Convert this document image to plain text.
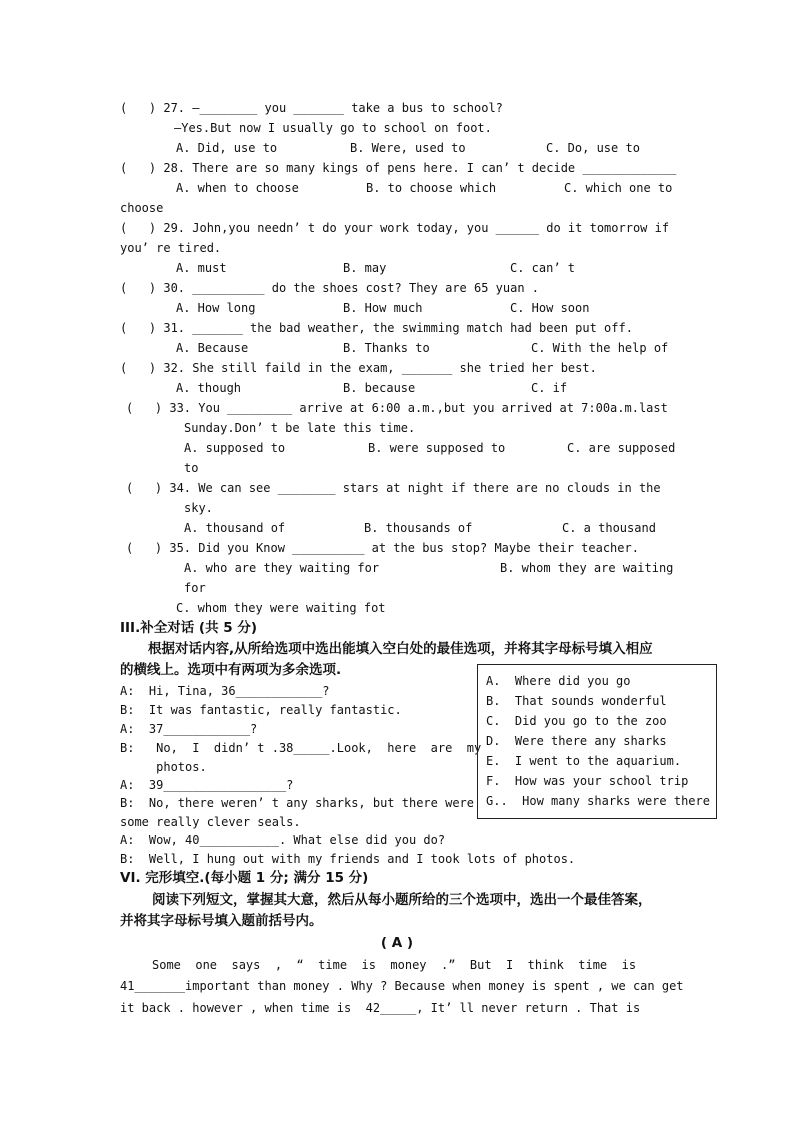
(   ) 27. —________ you _______ take a bus to school?
—Yes.But now I usually go to school on foot.
A. Did, use to	B. Were, used to	C. Do, use to
(   ) 28. There are so many kings of pens here. I can’ t decide _____________
A. when to choose	B. to choose which	C. which one to
choose
(   ) 29. John,you needn’ t do your work today, you ______ do it tomorrow if
you’ re tired.
A. must	B. may	C. can’ t
(   ) 30. __________ do the shoes cost? They are 65 yuan .
A. How long	B. How much	C. How soon
(   ) 31. _______ the bad weather, the swimming match had been put off.
A. Because	B. Thanks to	C. With the help of
(   ) 32. She still faild in the exam, _______ she tried her best.
A. though	B. because	C. if
(   ) 33. You _________ arrive at 6:00 a.m.,but you arrived at 7:00a.m.last
Sunday.Don’ t be late this time.
A. supposed to	B. were supposed to	C. are supposed
to
(   ) 34. We can see ________ stars at night if there are no clouds in the
sky.
A. thousand of	B. thousands of	C. a thousand
(   ) 35. Did you Know __________ at the bus stop? Maybe their teacher.
A. who are they waiting for	B. whom they are waiting
for
C. whom they were waiting fot
III.补全对话 (共 5 分)
根据对话内容,从所给选项中选出能填入空白处的最佳选项，并将其字母标号填入相应
的横线上。选项中有两项为多余选项.
A:  Hi, Tina, 36____________?
B:  It was fantastic, really fantastic.
A:  37____________?
B:   No,  I  didn’ t .38_____.Look,  here  are  my
photos.
A:  39_________________?
B:  No, there weren’ t any sharks, but there were
some really clever seals.
A:  Wow, 40___________. What else did you do?
B:  Well, I hung out with my friends and I took lots of photos.
A.  Where did you go
B.  That sounds wonderful
C.  Did you go to the zoo
D.  Were there any sharks
E.  I went to the aquarium.
F.  How was your school trip
G..  How many sharks were there
VI. 完形填空.(每小题 1 分; 满分 15 分)
阅读下列短文，掌握其大意，然后从每小题所给的三个选项中，选出一个最佳答案，
并将其字母标号填入题前括号内。
( A )
Some  one  says  ,  “  time  is  money  .”  But  I  think  time  is
41_______important than money . Why ? Because when money is spent , we can get
it back . however , when time is  42_____, It’ ll never return . That is
